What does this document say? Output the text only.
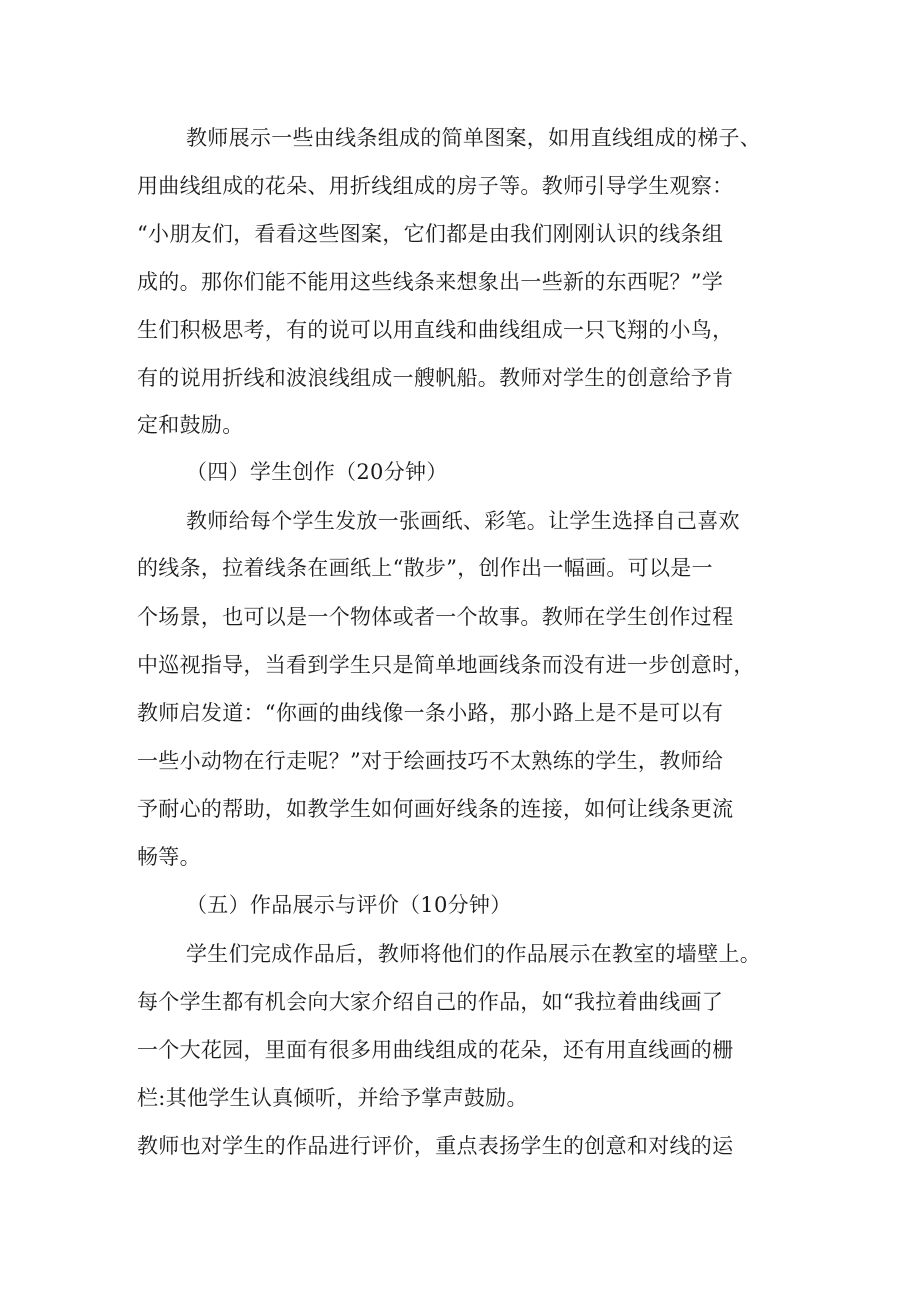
教师展示一些由线条组成的简单图案，如用直线组成的梯子、
用曲线组成的花朵、用折线组成的房子等。教师引导学生观察：
“小朋友们，看看这些图案，它们都是由我们刚刚认识的线条组
成的。那你们能不能用这些线条来想象出一些新的东西呢？”学
生们积极思考，有的说可以用直线和曲线组成一只飞翔的小鸟，
有的说用折线和波浪线组成一艘帆船。教师对学生的创意给予肯
定和鼓励。
（四）学生创作（20分钟）
教师给每个学生发放一张画纸、彩笔。让学生选择自己喜欢
的线条，拉着线条在画纸上“散步”，创作出一幅画。可以是一
个场景，也可以是一个物体或者一个故事。教师在学生创作过程
中巡视指导，当看到学生只是简单地画线条而没有进一步创意时，
教师启发道：“你画的曲线像一条小路，那小路上是不是可以有
一些小动物在行走呢？”对于绘画技巧不太熟练的学生，教师给
予耐心的帮助，如教学生如何画好线条的连接，如何让线条更流
畅等。
（五）作品展示与评价（10分钟）
学生们完成作品后，教师将他们的作品展示在教室的墙壁上。
每个学生都有机会向大家介绍自己的作品，如“我拉着曲线画了
一个大花园，里面有很多用曲线组成的花朵，还有用直线画的栅
栏:其他学生认真倾听，并给予掌声鼓励。
教师也对学生的作品进行评价，重点表扬学生的创意和对线的运
